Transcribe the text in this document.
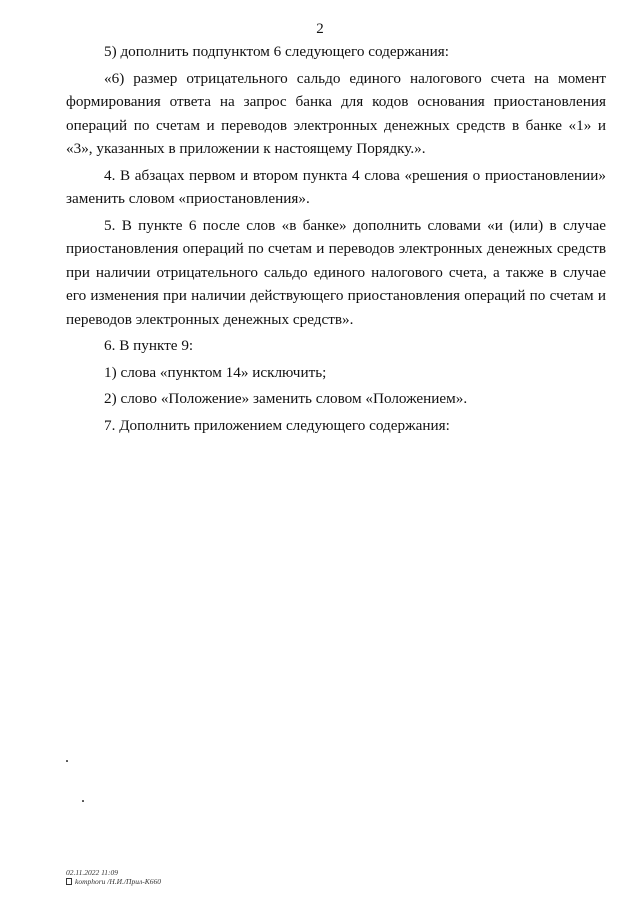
2

5) дополнить подпунктом 6 следующего содержания:

«6) размер отрицательного сальдо единого налогового счета на момент формирования ответа на запрос банка для кодов основания приостановления операций по счетам и переводов электронных денежных средств в банке «1» и «3», указанных в приложении к настоящему Порядку.».

4. В абзацах первом и втором пункта 4 слова «решения о приостановлении» заменить словом «приостановления».

5. В пункте 6 после слов «в банке» дополнить словами «и (или) в случае приостановления операций по счетам и переводов электронных денежных средств при наличии отрицательного сальдо единого налогового счета, а также в случае его изменения при наличии действующего приостановления операций по счетам и переводов электронных денежных средств».

6. В пункте 9:

1) слова «пунктом 14» исключить;

2) слово «Положение» заменить словом «Положением».

7. Дополнить приложением следующего содержания:

02.11.2022 11:09
komphoru /Н.И./Прил-К660
